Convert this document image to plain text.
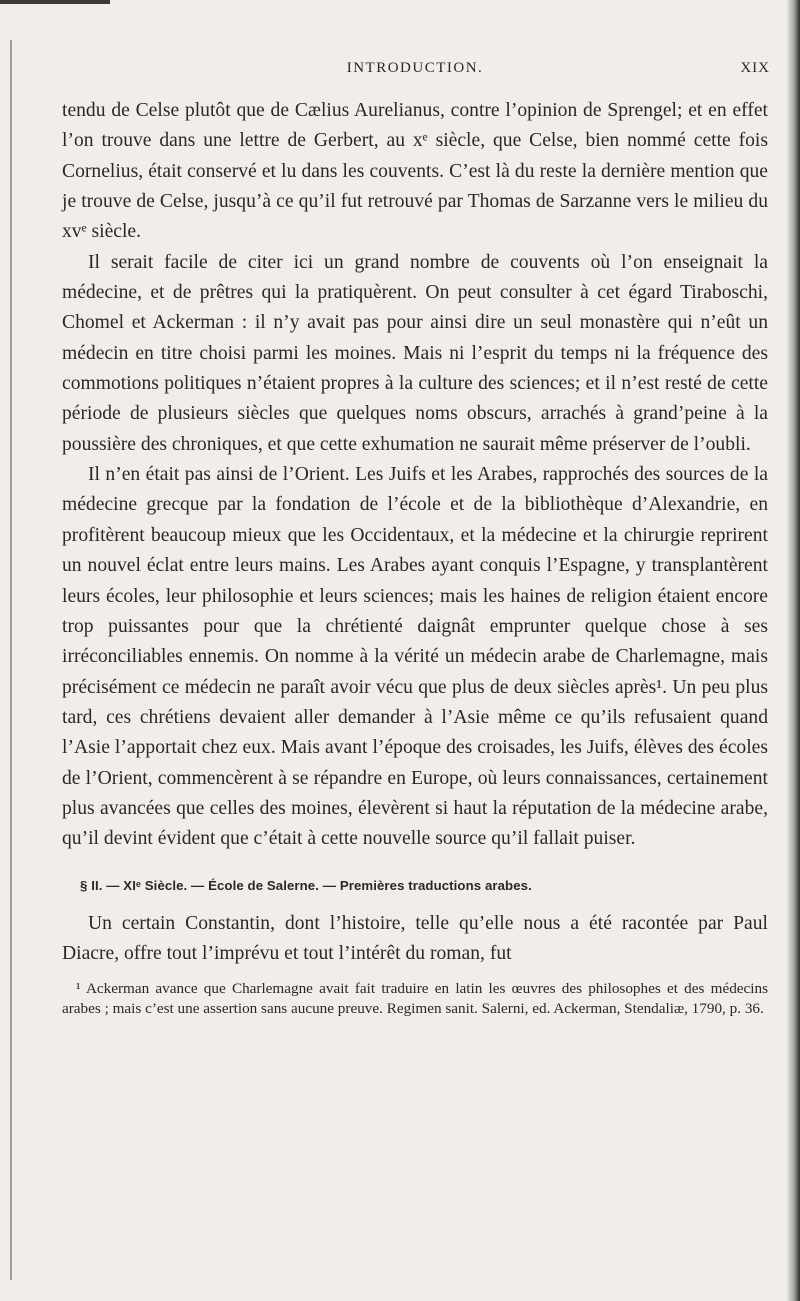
INTRODUCTION.	XIX

tendu de Celse plutôt que de Cælius Aurelianus, contre l’opinion de Sprengel; et en effet l’on trouve dans une lettre de Gerbert, au xᵉ siècle, que Celse, bien nommé cette fois Cornelius, était conservé et lu dans les couvents. C’est là du reste la dernière mention que je trouve de Celse, jusqu’à ce qu’il fut retrouvé par Thomas de Sarzanne vers le milieu du xvᵉ siècle.

Il serait facile de citer ici un grand nombre de couvents où l’on enseignait la médecine, et de prêtres qui la pratiquèrent. On peut consulter à cet égard Tiraboschi, Chomel et Ackerman : il n’y avait pas pour ainsi dire un seul monastère qui n’eût un médecin en titre choisi parmi les moines. Mais ni l’esprit du temps ni la fréquence des commotions politiques n’étaient propres à la culture des sciences; et il n’est resté de cette période de plusieurs siècles que quelques noms obscurs, arrachés à grand’peine à la poussière des chroniques, et que cette exhumation ne saurait même préserver de l’oubli.

Il n’en était pas ainsi de l’Orient. Les Juifs et les Arabes, rapprochés des sources de la médecine grecque par la fondation de l’école et de la bibliothèque d’Alexandrie, en profitèrent beaucoup mieux que les Occidentaux, et la médecine et la chirurgie reprirent un nouvel éclat entre leurs mains. Les Arabes ayant conquis l’Espagne, y transplantèrent leurs écoles, leur philosophie et leurs sciences; mais les haines de religion étaient encore trop puissantes pour que la chrétienté daignât emprunter quelque chose à ses irréconciliables ennemis. On nomme à la vérité un médecin arabe de Charlemagne, mais précisément ce médecin ne paraît avoir vécu que plus de deux siècles après¹. Un peu plus tard, ces chrétiens devaient aller demander à l’Asie même ce qu’ils refusaient quand l’Asie l’apportait chez eux. Mais avant l’époque des croisades, les Juifs, élèves des écoles de l’Orient, commencèrent à se répandre en Europe, où leurs connaissances, certainement plus avancées que celles des moines, élevèrent si haut la réputation de la médecine arabe, qu’il devint évident que c’était à cette nouvelle source qu’il fallait puiser.

§ II. — XIᵉ Siècle. — École de Salerne. — Premières traductions arabes.

Un certain Constantin, dont l’histoire, telle qu’elle nous a été racontée par Paul Diacre, offre tout l’imprévu et tout l’intérêt du roman, fut

¹ Ackerman avance que Charlemagne avait fait traduire en latin les œuvres des philosophes et des médecins arabes ; mais c’est une assertion sans aucune preuve. Regimen sanit. Salerni, ed. Ackerman, Stendaliæ, 1790, p. 36.
